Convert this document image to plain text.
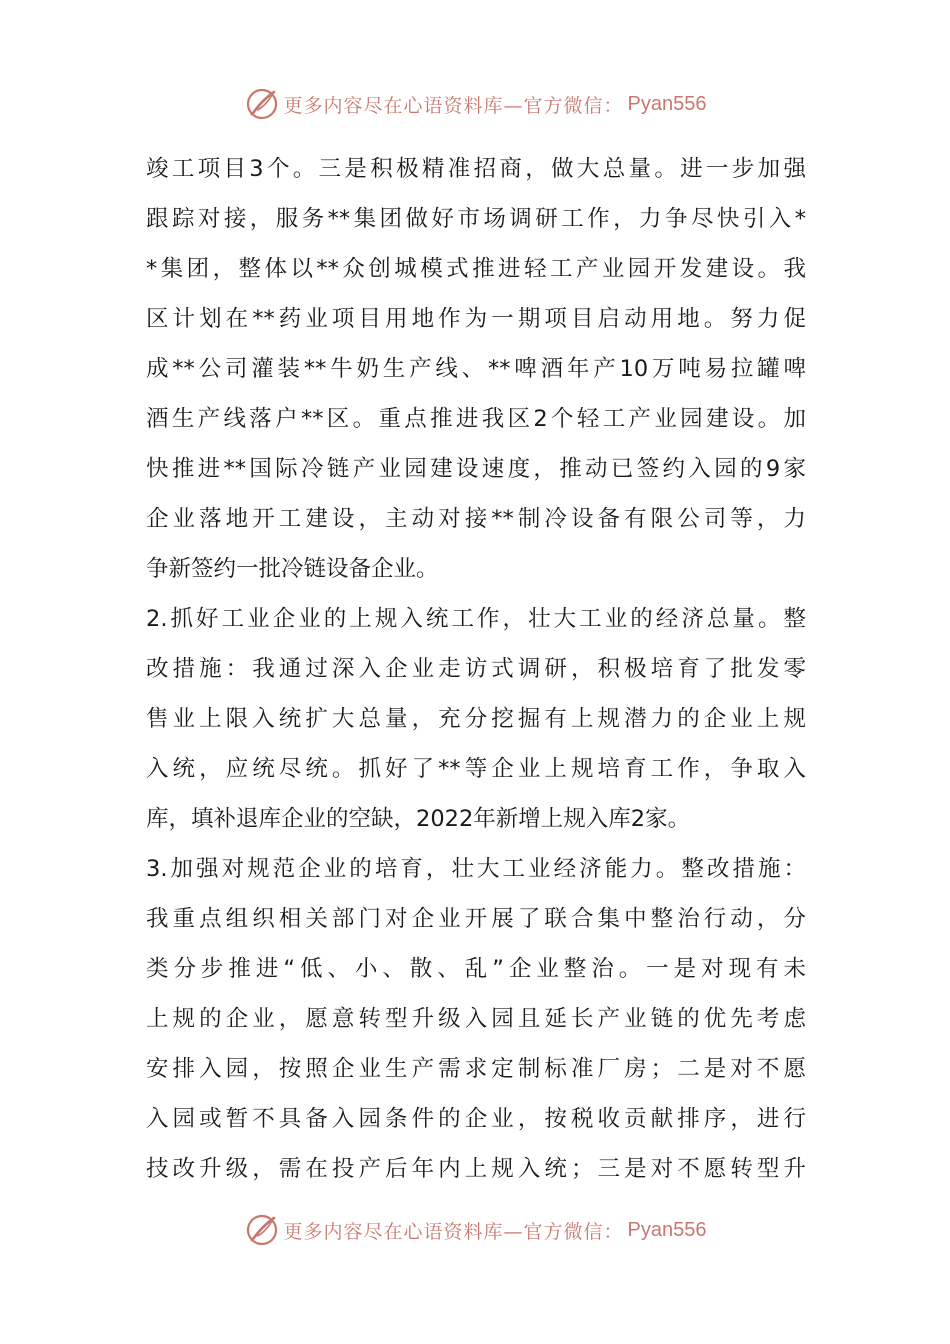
更多内容尽在心语资料库—官方微信： Pyan556
竣工项目3个。三是积极精准招商，做大总量。进一步加强
跟踪对接，服务**集团做好市场调研工作，力争尽快引入*
*集团，整体以**众创城模式推进轻工产业园开发建设。我
区计划在**药业项目用地作为一期项目启动用地。努力促
成**公司灌装**牛奶生产线、**啤酒年产10万吨易拉罐啤
酒生产线落户**区。重点推进我区2个轻工产业园建设。加
快推进**国际冷链产业园建设速度，推动已签约入园的9家
企业落地开工建设，主动对接**制冷设备有限公司等，力
争新签约一批冷链设备企业。
2.抓好工业企业的上规入统工作，壮大工业的经济总量。整
改措施：我通过深入企业走访式调研，积极培育了批发零
售业上限入统扩大总量，充分挖掘有上规潜力的企业上规
入统，应统尽统。抓好了**等企业上规培育工作，争取入
库，填补退库企业的空缺，2022年新增上规入库2家。
3.加强对规范企业的培育，壮大工业经济能力。整改措施：
我重点组织相关部门对企业开展了联合集中整治行动，分
类分步推进“低、小、散、乱”企业整治。一是对现有未
上规的企业，愿意转型升级入园且延长产业链的优先考虑
安排入园，按照企业生产需求定制标准厂房；二是对不愿
入园或暂不具备入园条件的企业，按税收贡献排序，进行
技改升级，需在投产后年内上规入统；三是对不愿转型升
更多内容尽在心语资料库—官方微信： Pyan556
